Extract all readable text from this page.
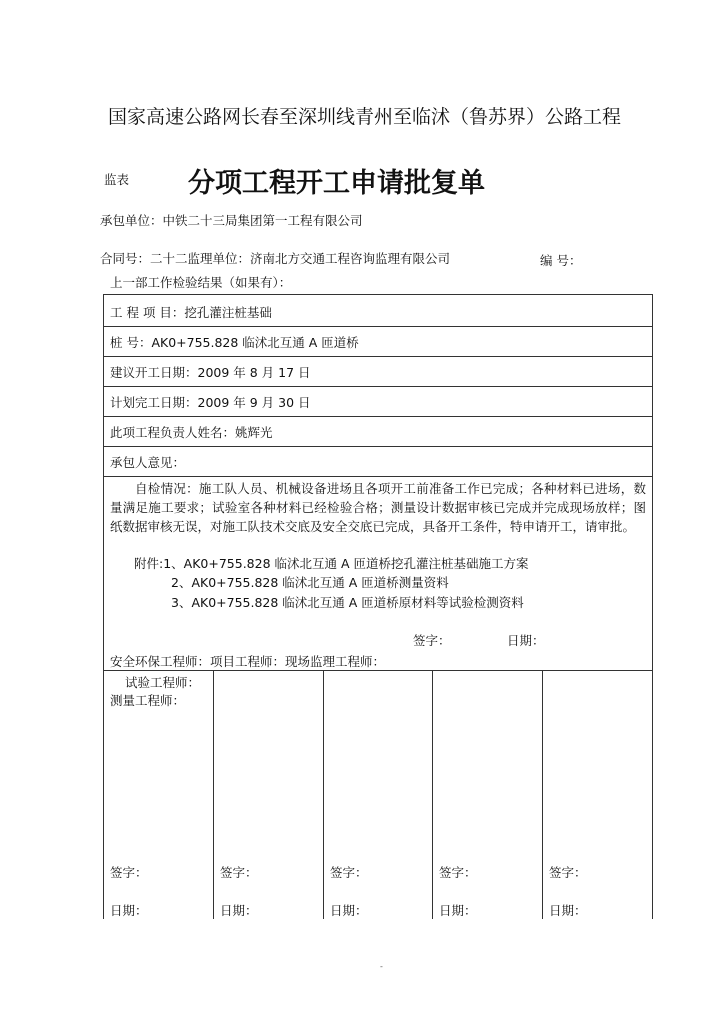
国家高速公路网长春至深圳线青州至临沭（鲁苏界）公路工程
监表 分项工程开工申请批复单
承包单位：中铁二十三局集团第一工程有限公司
合同号：二十二监理单位：济南北方交通工程咨询监理有限公司	编 号：
上一部工作检验结果（如果有）：
工 程 项 目：挖孔灌注桩基础
桩 号：AK0+755.828 临沭北互通 A 匝道桥
建议开工日期：2009 年 8 月 17 日
计划完工日期：2009 年 9 月 30 日
此项工程负责人姓名：姚辉光
承包人意见：
自检情况：施工队人员、机械设备进场且各项开工前准备工作已完成；各种材料已进场，数量满足施工要求；试验室各种材料已经检验合格；测量设计数据审核已完成并完成现场放样；图纸数据审核无误，对施工队技术交底及安全交底已完成，具备开工条件，特申请开工，请审批。
附件:1、AK0+755.828 临沭北互通 A 匝道桥挖孔灌注桩基础施工方案
2、AK0+755.828 临沭北互通 A 匝道桥测量资料
3、AK0+755.828 临沭北互通 A 匝道桥原材料等试验检测资料
签字：	日期：
安全环保工程师：项目工程师：现场监理工程师：
试验工程师：
测量工程师：
签字：
日期：
签字：
日期：
签字：
日期：
签字：
日期：
签字：
日期：
-
